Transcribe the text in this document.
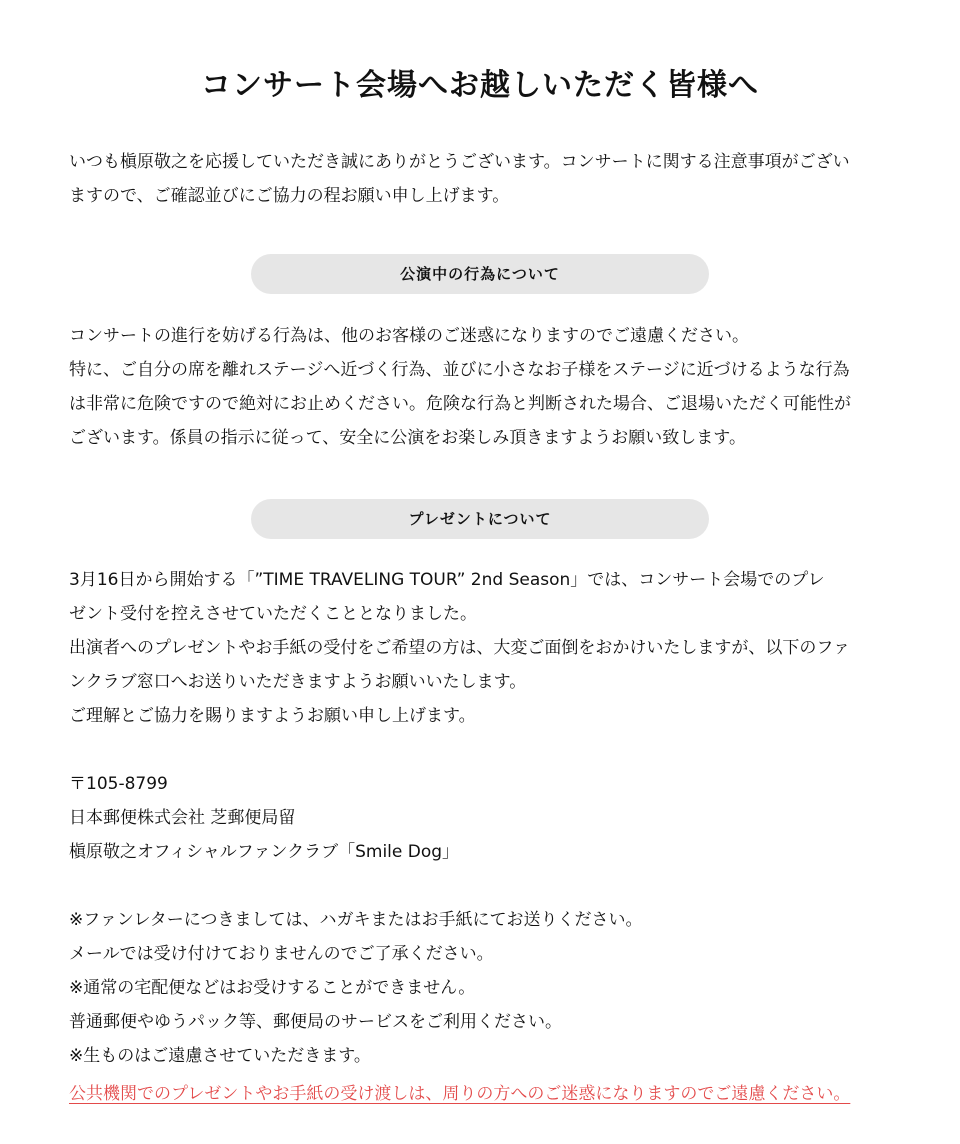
コンサート会場へお越しいただく皆様へ

いつも槇原敬之を応援していただき誠にありがとうございます。コンサートに関する注意事項がござい

ますので、ご確認並びにご協力の程お願い申し上げます。

公演中の行為について

コンサートの進行を妨げる行為は、他のお客様のご迷惑になりますのでご遠慮ください。

特に、ご自分の席を離れステージへ近づく行為、並びに小さなお子様をステージに近づけるような行為

は非常に危険ですので絶対にお止めください。危険な行為と判断された場合、ご退場いただく可能性が

ございます。係員の指示に従って、安全に公演をお楽しみ頂きますようお願い致します。

プレゼントについて

3月16日から開始する「”TIME TRAVELING TOUR” 2nd Season」では、コンサート会場でのプレ

ゼント受付を控えさせていただくこととなりました。

出演者へのプレゼントやお手紙の受付をご希望の方は、大変ご面倒をおかけいたしますが、以下のファ

ンクラブ窓口へお送りいただきますようお願いいたします。

ご理解とご協力を賜りますようお願い申し上げます。

〒105-8799

日本郵便株式会社 芝郵便局留

槇原敬之オフィシャルファンクラブ「Smile Dog」

※ファンレターにつきましては、ハガキまたはお手紙にてお送りください。

メールでは受け付けておりませんのでご了承ください。

※通常の宅配便などはお受けすることができません。

普通郵便やゆうパック等、郵便局のサービスをご利用ください。

※生ものはご遠慮させていただきます。

公共機関でのプレゼントやお手紙の受け渡しは、周りの方へのご迷惑になりますのでご遠慮ください。
